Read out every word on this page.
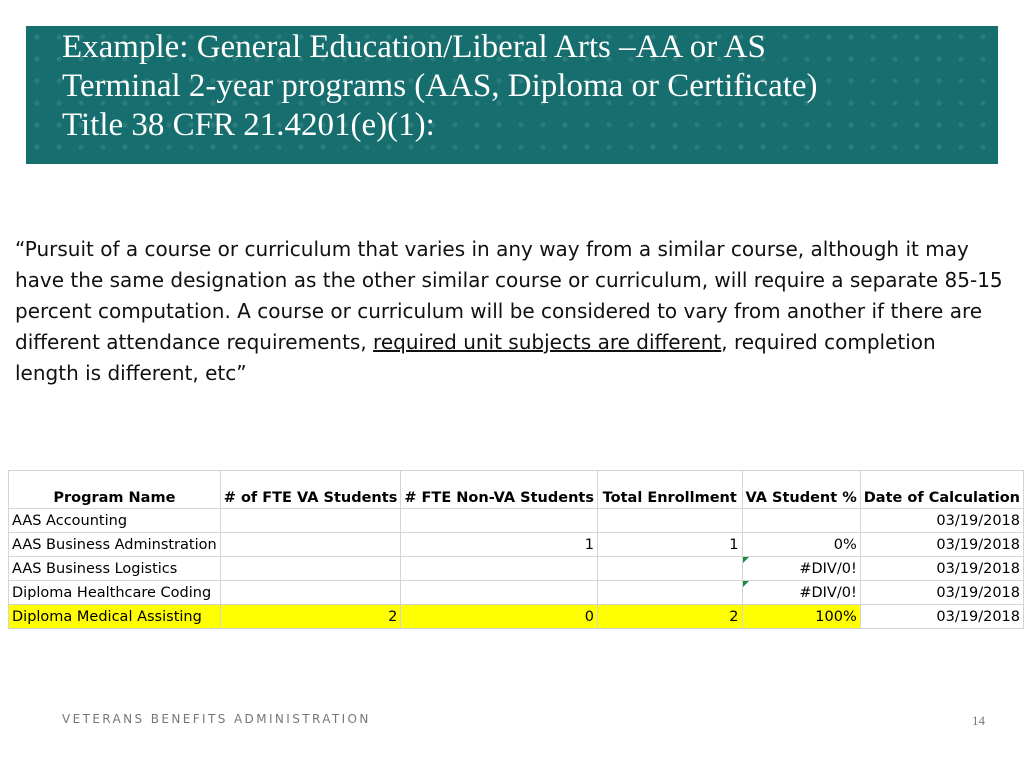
Example: General Education/Liberal Arts –AA or AS
Terminal 2-year programs (AAS, Diploma or Certificate)
Title 38 CFR 21.4201(e)(1):

“Pursuit of a course or curriculum that varies in any way from a similar course, although it may have the same designation as the other similar course or curriculum, will require a separate 85-15 percent computation. A course or curriculum will be considered to vary from another if there are different attendance requirements, required unit subjects are different, required completion length is different, etc”

Program Name	# of FTE VA Students	# FTE Non-VA Students	Total Enrollment	VA Student %	Date of Calculation
AAS Accounting					03/19/2018
AAS Business Adminstration		1	1	0%	03/19/2018
AAS Business Logistics				#DIV/0!	03/19/2018
Diploma Healthcare Coding				#DIV/0!	03/19/2018
Diploma Medical Assisting	2	0	2	100%	03/19/2018
VETERANS BENEFITS ADMINISTRATION	14
